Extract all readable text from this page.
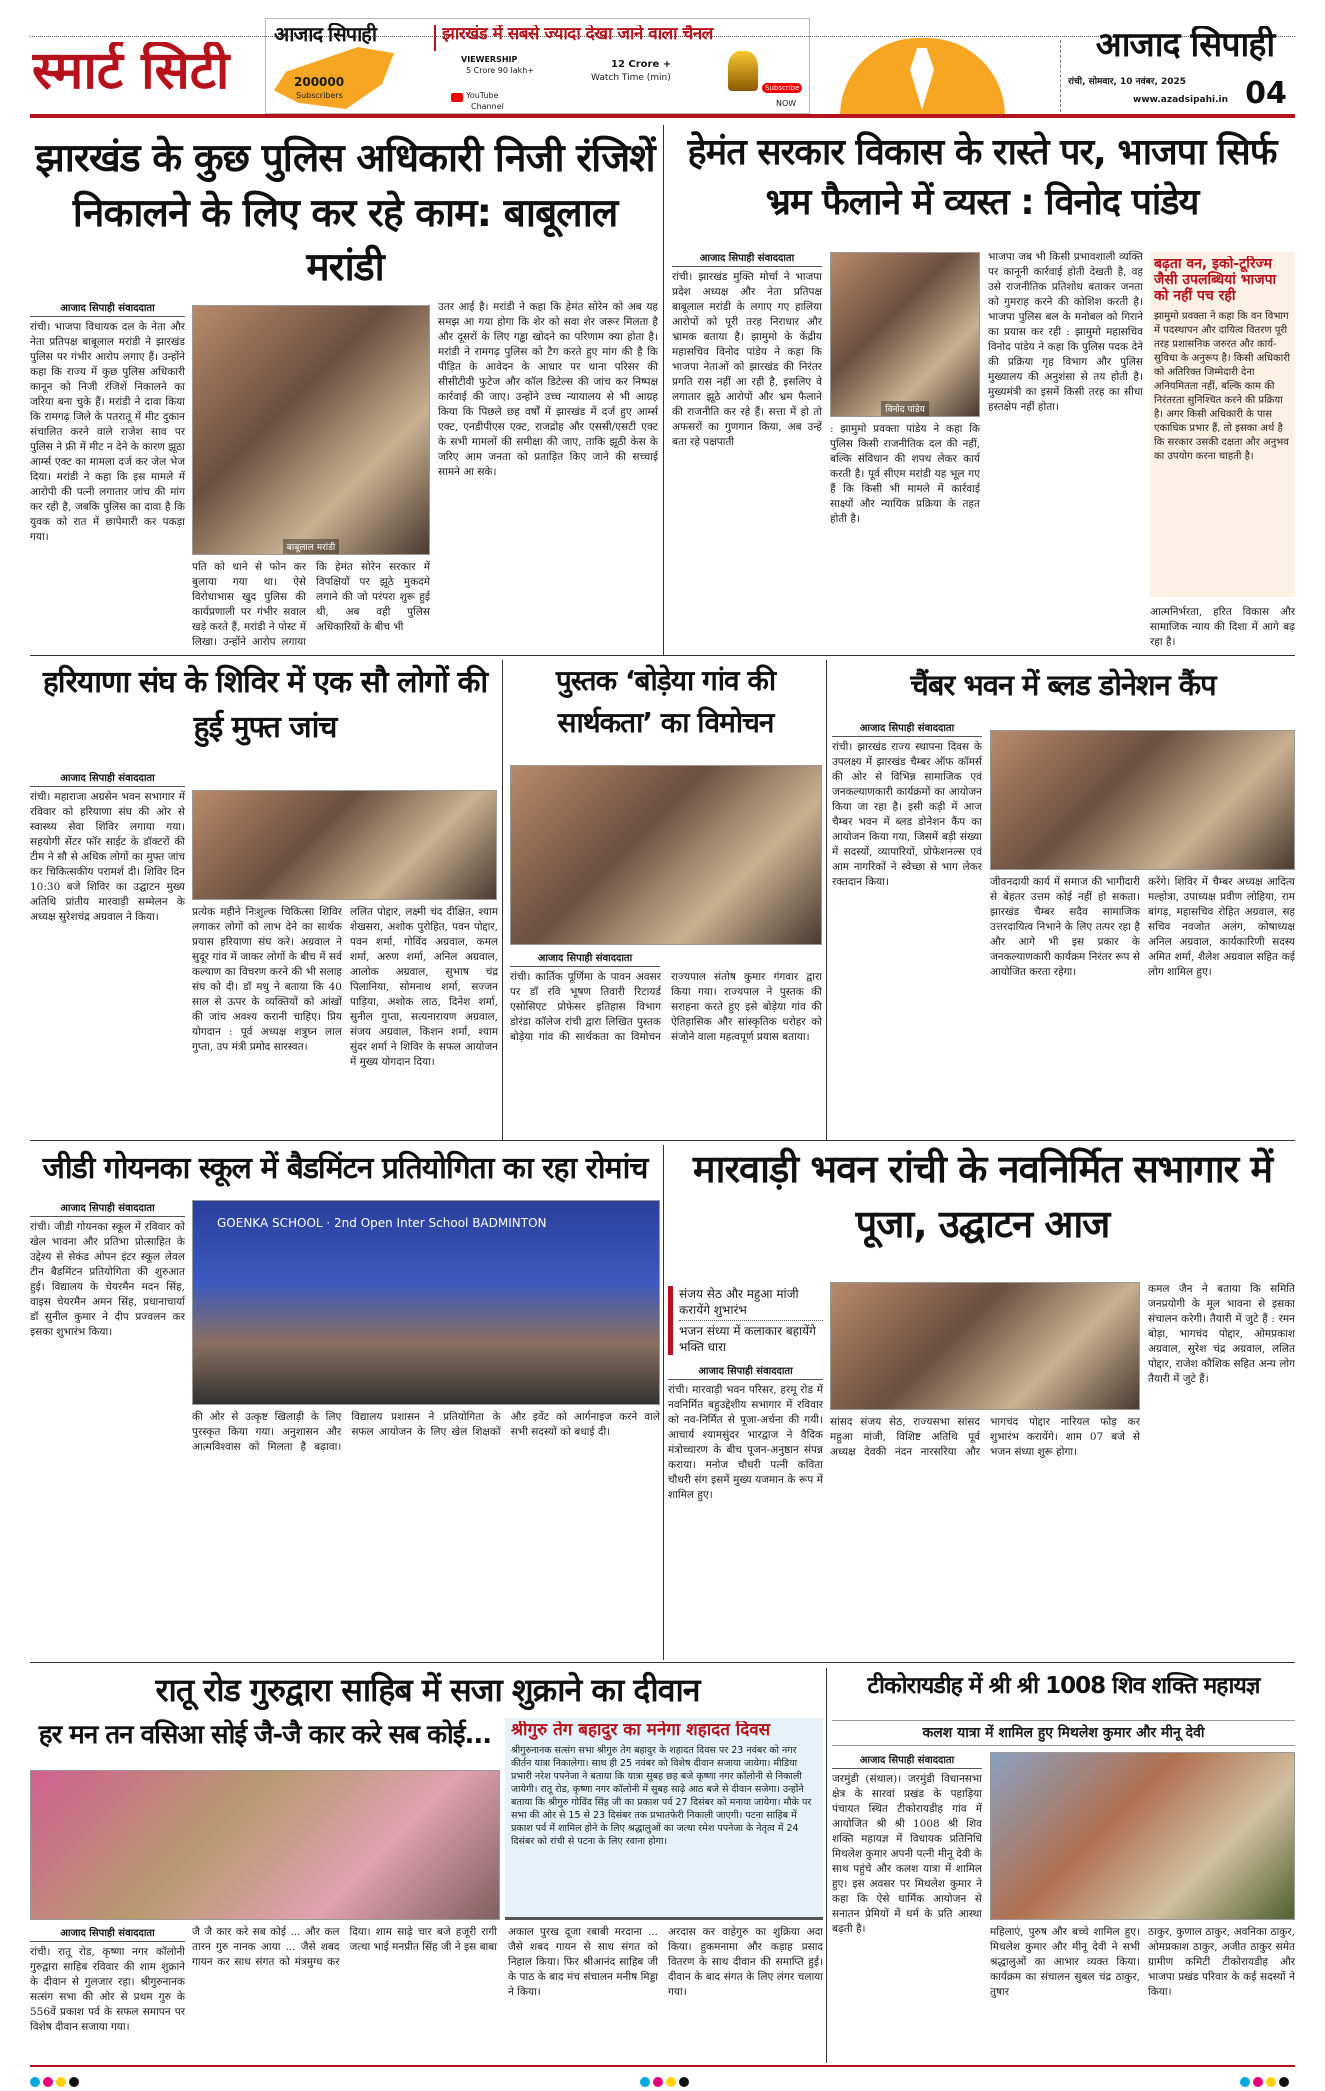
स्मार्ट सिटी
आजाद सिपाही	झारखंड में सबसे ज्यादा देखा जाने वाला चैनल
200000
Subscribers
VIEWERSHIP
5 Crore 90 lakh+
12 Crore +
Watch Time (min)
YouTube
Channel
Subscribe
NOW
आजाद सिपाही
रांची, सोमवार, 10 नवंबर, 2025
www.azadsipahi.in 04
झारखंड के कुछ पुलिस अधिकारी निजी रंजिशें निकालने के लिए कर रहे काम: बाबूलाल मरांडी
आजाद सिपाही संवाददाता
रांची। भाजपा विधायक दल के नेता और नेता प्रतिपक्ष बाबूलाल मरांडी ने झारखंड पुलिस पर गंभीर आरोप लगाए हैं। उन्होंने कहा कि राज्य में कुछ पुलिस अधिकारी कानून को निजी रंजिशें निकालने का जरिया बना चुके हैं। मरांडी ने दावा किया कि रामगढ़ जिले के पतरातू में मीट दुकान संचालित करने वाले राजेश साव पर पुलिस ने फ्री में मीट न देने के कारण झूठा आर्म्स एक्ट का मामला दर्ज कर जेल भेज दिया। मरांडी ने कहा कि इस मामले में आरोपी की पत्नी लगातार जांच की मांग कर रही है, जबकि पुलिस का दावा है कि युवक को रात में छापेमारी कर पकड़ा गया।
बाबूलाल मरांडी
पति को थाने से फोन कर बुलाया गया था। ऐसे विरोधाभास खुद पुलिस की कार्यप्रणाली पर गंभीर सवाल खड़े करते हैं, मरांडी ने पोस्ट में लिखा। उन्होंने आरोप लगाया कि हेमंत सोरेन सरकार में विपक्षियों पर झूठे मुकदमे लगाने की जो परंपरा शुरू हुई थी, अब वही पुलिस अधिकारियों के बीच भी
उतर आई है। मरांडी ने कहा कि हेमंत सोरेन को अब यह समझ आ गया होगा कि शेर को सवा शेर जरूर मिलता है और दूसरों के लिए गड्ढा खोदने का परिणाम क्या होता है। मरांडी ने रामगढ़ पुलिस को टैग करते हुए मांग की है कि पीड़ित के आवेदन के आधार पर थाना परिसर की सीसीटीवी फुटेज और कॉल डिटेल्स की जांच कर निष्पक्ष कार्रवाई की जाए। उन्होंने उच्च न्यायालय से भी आग्रह किया कि पिछले छह वर्षों में झारखंड में दर्ज हुए आर्म्स एक्ट, एनडीपीएस एक्ट, राजद्रोह और एससी/एसटी एक्ट के सभी मामलों की समीक्षा की जाए, ताकि झूठी केस के जरिए आम जनता को प्रताड़ित किए जाने की सच्चाई सामने आ सके।
हेमंत सरकार विकास के रास्ते पर, भाजपा सिर्फ भ्रम फैलाने में व्यस्त : विनोद पांडेय
आजाद सिपाही संवाददाता
रांची। झारखंड मुक्ति मोर्चा ने भाजपा प्रदेश अध्यक्ष और नेता प्रतिपक्ष बाबूलाल मरांडी के लगाए गए हालिया आरोपों को पूरी तरह निराधार और भ्रामक बताया है। झामुमो के केंद्रीय महासचिव विनोद पांडेय ने कहा कि भाजपा नेताओं को झारखंड की निरंतर प्रगति रास नहीं आ रही है, इसलिए वे लगातार झूठे आरोपों और भ्रम फैलाने की राजनीति कर रहे हैं। सत्ता में हो तो अफसरों का गुणगान किया, अब उन्हें बता रहे पक्षपाती
विनोद पांडेय
: झामुमो प्रवक्ता पांडेय ने कहा कि पुलिस किसी राजनीतिक दल की नहीं, बल्कि संविधान की शपथ लेकर कार्य करती है। पूर्व सीएम मरांडी यह भूल गए हैं कि किसी भी मामले में कार्रवाई साक्ष्यों और न्यायिक प्रक्रिया के तहत होती है।
भाजपा जब भी किसी प्रभावशाली व्यक्ति पर कानूनी कार्रवाई होती देखती है, वह उसे राजनीतिक प्रतिशोध बताकर जनता को गुमराह करने की कोशिश करती है। भाजपा पुलिस बल के मनोबल को गिराने का प्रयास कर रही : झामुमो महासचिव विनोद पांडेय ने कहा कि पुलिस पदक देने की प्रक्रिया गृह विभाग और पुलिस मुख्यालय की अनुशंसा से तय होती है। मुख्यमंत्री का इसमें किसी तरह का सीधा हस्तक्षेप नहीं होता।
बढ़ता वन, इको-टूरिज्म जैसी उपलब्धियां भाजपा को नहीं पच रही
झामुमो प्रवक्ता ने कहा कि वन विभाग में पदस्थापन और दायित्व वितरण पूरी तरह प्रशासनिक जरुरत और कार्य-सुविधा के अनुरूप है। किसी अधिकारी को अतिरिक्त जिम्मेदारी देना अनियमितता नहीं, बल्कि काम की निरंतरता सुनिश्चित करने की प्रक्रिया है। अगर किसी अधिकारी के पास एकाधिक प्रभार हैं, तो इसका अर्थ है कि सरकार उसकी दक्षता और अनुभव का उपयोग करना चाहती है।
आत्मनिर्भरता, हरित विकास और सामाजिक न्याय की दिशा में आगे बढ़ रहा है।
हरियाणा संघ के शिविर में एक सौ लोगों की हुई मुफ्त जांच
आजाद सिपाही संवाददाता
रांची। महाराजा अग्रसेन भवन सभागार में रविवार को हरियाणा संघ की ओर से स्वास्थ्य सेवा शिविर लगाया गया। सहयोगी सेंटर फॉर साईट के डॉक्टरों की टीम ने सौ से अधिक लोगों का मुफ्त जांच कर चिकित्सकीय परामर्श दी। शिविर दिन 10:30 बजे शिविर का उद्घाटन मुख्य अतिथि प्रांतीय मारवाड़ी सम्मेलन के अध्यक्ष सुरेशचंद्र अग्रवाल ने किया।	प्रत्येक महीने निःशुल्क चिकित्सा शिविर लगाकर लोगों को लाभ देने का सार्थक प्रयास हरियाणा संघ करे। अग्रवाल ने सुदूर गांव में जाकर लोगों के बीच में सर्व कल्याण का विचरण करने की भी सलाह संघ को दी। डॉ मधु ने बताया कि 40 साल से ऊपर के व्यक्तियों को आंखों की जांच अवश्य करानी चाहिए। प्रिय योगदान : पूर्व अध्यक्ष शत्रुघ्न लाल गुप्ता, उप मंत्री प्रमोद सारस्वत।
ललित पोद्दार, लक्ष्मी चंद दीक्षित, श्याम शेखसरा, अशोक पुरोहित, पवन पोद्दार, पवन शर्मा, गोविंद अग्रवाल, कमल शर्मा, अरुण शर्मा, अनिल अग्रवाल, आलोक अग्रवाल, सुभाष चंद्र पिलानिया, सोमनाथ शर्मा, सज्जन पाड़िया, अशोक लाठ, दिनेश शर्मा, सुनील गुप्ता, सत्यनारायण अग्रवाल, संजय अग्रवाल, किशन शर्मा, श्याम सुंदर शर्मा ने शिविर के सफल आयोजन में मुख्य योगदान दिया।
पुस्तक ‘बोड़ेया गांव की सार्थकता’ का विमोचन
आजाद सिपाही संवाददाता
रांची। कार्तिक पूर्णिमा के पावन अवसर पर डॉ रवि भूषण तिवारी रिटायर्ड एसोसिएट प्रोफेसर इतिहास विभाग डोरंडा कॉलेज रांची द्वारा लिखित पुस्तक बोड़ेया गांव की सार्थकता का विमोचन राज्यपाल संतोष कुमार गंगवार द्वारा किया गया। राज्यपाल ने पुस्तक की सराहना करते हुए इसे बोड़ेया गांव की ऐतिहासिक और सांस्कृतिक धरोहर को संजोने वाला महत्वपूर्ण प्रयास बताया।
चैंबर भवन में ब्लड डोनेशन कैंप
आजाद सिपाही संवाददाता
रांची। झारखंड राज्य स्थापना दिवस के उपलक्ष्य में झारखंड चैम्बर ऑफ कॉमर्स की ओर से विभिन्न सामाजिक एवं जनकल्याणकारी कार्यक्रमों का आयोजन किया जा रहा है। इसी कड़ी में आज चैम्बर भवन में ब्लड डोनेशन कैंप का आयोजन किया गया, जिसमें बड़ी संख्या में सदस्यों, व्यापारियों, प्रोफेशनल्स एवं आम नागरिकों ने स्वेच्छा से भाग लेकर रक्तदान किया।	जीवनदायी कार्य में समाज की भागीदारी से बेहतर उत्तम कोई नहीं हो सकता। झारखंड चैम्बर सदैव सामाजिक उत्तरदायित्व निभाने के लिए तत्पर रहा है और आगे भी इस प्रकार के जनकल्याणकारी कार्यक्रम निरंतर रूप से आयोजित करता रहेगा।
करेंगे। शिविर में चैम्बर अध्यक्ष आदित्य मल्होत्रा, उपाध्यक्ष प्रवीण लोहिया, राम बांगड़, महासचिव रोहित अग्रवाल, सह सचिव नवजोत अलंग, कोषाध्यक्ष अनिल अग्रवाल, कार्यकारिणी सदस्य अमित शर्मा, शैलेश अग्रवाल सहित कई लोग शामिल हुए।
जीडी गोयनका स्कूल में बैडमिंटन प्रतियोगिता का रहा रोमांच
आजाद सिपाही संवाददाता
रांची। जीडी गोयनका स्कूल में रविवार को खेल भावना और प्रतिभा प्रोत्साहित के उद्देश्य से सेकंड ओपन इंटर स्कूल लेवल टीन बैडमिंटन प्रतियोगिता की शुरुआत हुई। विद्यालय के चेयरमैन मदन सिंह, वाइस चेयरमैन अमन सिंह, प्रधानाचार्या डॉ सुनील कुमार ने दीप प्रज्वलन कर इसका शुभारंभ किया।
GOENKA SCHOOL · 2nd Open Inter School BADMINTON
की ओर से उत्कृष्ट खिलाड़ी के लिए पुरस्कृत किया गया। अनुशासन और आत्मविश्वास को मिलता है बढ़ावा। विद्यालय प्रशासन ने प्रतियोगिता के सफल आयोजन के लिए खेल शिक्षकों और इवेंट को आर्गनाइज करने वाले सभी सदस्यों को बधाई दी।
मारवाड़ी भवन रांची के नवनिर्मित सभागार में पूजा, उद्घाटन आज
संजय सेठ और महुआ मांजी करायेंगे शुभारंभ
भजन संध्या में कलाकार बहायेंगे भक्ति धारा
आजाद सिपाही संवाददाता
रांची। मारवाड़ी भवन परिसर, हरमू रोड में नवनिर्मित बहुउद्देशीय सभागार में रविवार को नव-निर्मित से पूजा-अर्चना की गयी। आचार्य श्यामसुंदर भारद्वाज ने वैदिक मंत्रोच्चारण के बीच पूजन-अनुष्ठान संपन्न कराया। मनोज चौधरी पत्नी कविता चौधरी संग इसमें मुख्य यजमान के रूप में शामिल हुए।
सांसद संजय सेठ, राज्यसभा सांसद महुआ मांजी, विशिष्ट अतिथि पूर्व अध्यक्ष देवकी नंदन नारसरिया और भागचंद पोद्दार नारियल फोड़ कर शुभारंभ करायेंगे। शाम 07 बजे से भजन संध्या शुरू होगा।
कमल जैन ने बताया कि समिति जनप्रयोगी के मूल भावना से इसका संचालन करेगी। तैयारी में जुटे हैं : रमन बोड़ा, भागचंद पोद्दार, ओमप्रकाश अग्रवाल, सुरेश चंद्र अग्रवाल, ललित पोद्दार, राजेश कौशिक सहित अन्य लोग तैयारी में जुटे हैं।
रातू रोड गुरुद्वारा साहिब में सजा शुक्राने का दीवान
हर मन तन वसिआ सोई जै-जै कार करे सब कोई...	श्रीगुरु तेग बहादुर का मनेगा शहादत दिवस
श्रीगुरुनानक सत्संग सभा श्रीगुरु तेग बहादुर के शहादत दिवस पर 23 नवंबर को नगर कीर्तन यात्रा निकालेगा। साथ ही 25 नवंबर को विशेष दीवान सजाया जायेगा। मीडिया प्रभारी नरेश पपनेजा ने बताया कि यात्रा सुबह छह बजे कृष्णा नगर कॉलोनी से निकाली जायेगी। रातू रोड, कृष्णा नगर कॉलोनी में सुबह साढ़े आठ बजे से दीवान सजेगा। उन्होंने बताया कि श्रीगुरु गोविंद सिंह जी का प्रकाश पर्व 27 दिसंबर को मनाया जायेगा। मौके पर सभा की ओर से 15 से 23 दिसंबर तक प्रभातफेरी निकाली जाएगी। पटना साहिब में प्रकाश पर्व में शामिल होने के लिए श्रद्धालुओं का जत्था रमेश पपनेजा के नेतृत्व में 24 दिसंबर को रांची से पटना के लिए रवाना होगा।
आजाद सिपाही संवाददाता
रांची। रातू रोड, कृष्णा नगर कॉलोनी गुरुद्वारा साहिब रविवार की शाम शुक्राने के दीवान से गुलजार रहा। श्रीगुरुनानक सत्संग सभा की ओर से प्रथम गुरु के 556वें प्रकाश पर्व के सफल समापन पर विशेष दीवान सजाया गया।
जै जै कार करे सब कोई ... और कल तारन गुरु नानक आया ... जैसे शबद गायन कर साध संगत को मंत्रमुग्ध कर दिया। शाम साढ़े चार बजे हजूरी रागी जत्था भाई मनप्रीत सिंह जी ने इस बाबा
अकाल पुरख दूजा रबाबी मरदाना ... जैसे शबद गायन से साध संगत को निहाल किया। फिर श्रीआनंद साहिब जी के पाठ के बाद मंच संचालन मनीष मिड्डा ने किया।
अरदास कर वाहेगुरु का शुक्रिया अदा किया। हुकमनामा और कड़ाह प्रसाद वितरण के साथ दीवान की समाप्ति हुई। दीवान के बाद संगत के लिए लंगर चलाया गया।
टीकोरायडीह में श्री श्री 1008 शिव शक्ति महायज्ञ
कलश यात्रा में शामिल हुए मिथलेश कुमार और मीनू देवी
आजाद सिपाही संवाददाता
जरमुंडी (संथाल)। जरमुंडी विधानसभा क्षेत्र के सारवां प्रखंड के पहाड़िया पंचायत स्थित टीकोरायडीह गांव में आयोजित श्री श्री 1008 श्री शिव शक्ति महायज्ञ में विधायक प्रतिनिधि मिथलेश कुमार अपनी पत्नी मीनू देवी के साथ पहुंचे और कलश यात्रा में शामिल हुए। इस अवसर पर मिथलेश कुमार ने कहा कि ऐसे धार्मिक आयोजन से सनातन प्रेमियों में धर्म के प्रति आस्था बढ़ती है।	महिलाएं, पुरुष और बच्चे शामिल हुए। मिथलेश कुमार और मीनू देवी ने सभी श्रद्धालुओं का आभार व्यक्त किया। कार्यक्रम का संचालन सुबल चंद्र ठाकुर, तुषार
ठाकुर, कुणाल ठाकुर, अवनिका ठाकुर, ओमप्रकाश ठाकुर, अजीत ठाकुर समेत ग्रामीण कमिटी टीकोरायडीह और भाजपा प्रखंड परिवार के कई सदस्यों ने किया।
